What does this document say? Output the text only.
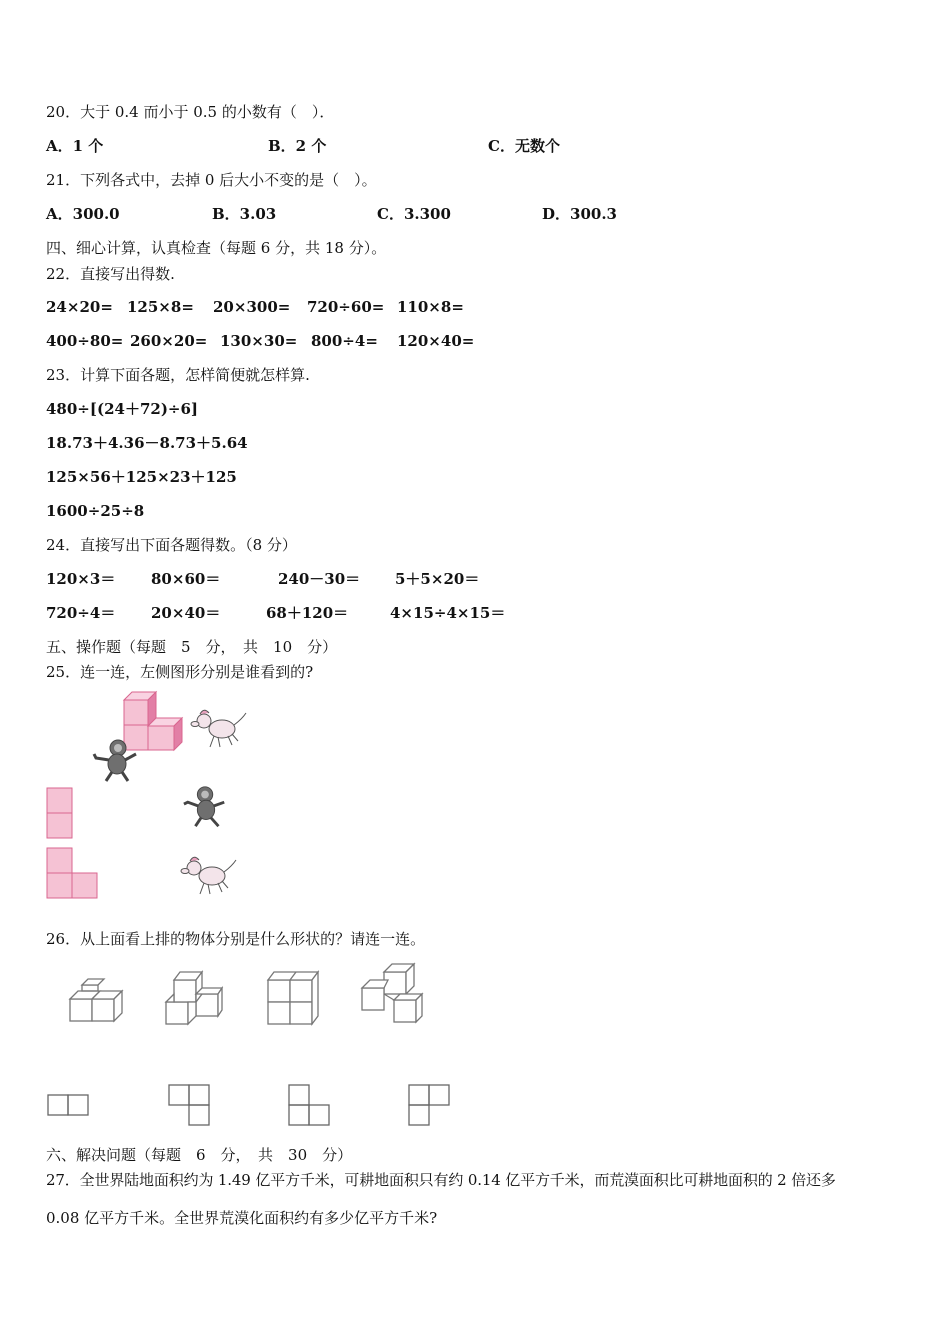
20．大于 0.4 而小于 0.5 的小数有（　）．
A．1 个	B．2 个	C．无数个
21．下列各式中，去掉 0 后大小不变的是（　）。
A．300.0	B．3.03	C．3.300	D．300.3
四、细心计算，认真检查（每题 6 分，共 18 分）。
22．直接写出得数.
24×20= 125×8= 20×300= 720÷60= 110×8=
400÷80= 260×20= 130×30= 800÷4= 120×40=
23．计算下面各题，怎样简便就怎样算.
480÷[(24＋72)÷6]
18.73＋4.36－8.73＋5.64
125×56＋125×23＋125
1600÷25÷8
24．直接写出下面各题得数。（8 分）
120×3＝ 80×60＝	240－30＝ 5＋5×20＝
720÷4＝ 20×40＝	68＋120＝	4×15÷4×15＝
五、操作题（每题　5　分，　共　10　分）
25．连一连，左侧图形分别是谁看到的?
26．从上面看上排的物体分别是什么形状的？请连一连。
六、解决问题（每题　6　分，　共　30　分）
27．全世界陆地面积约为 1.49 亿平方千米，可耕地面积只有约 0.14 亿平方千米，而荒漠面积比可耕地面积的 2 倍还多
0.08 亿平方千米。全世界荒漠化面积约有多少亿平方千米?
